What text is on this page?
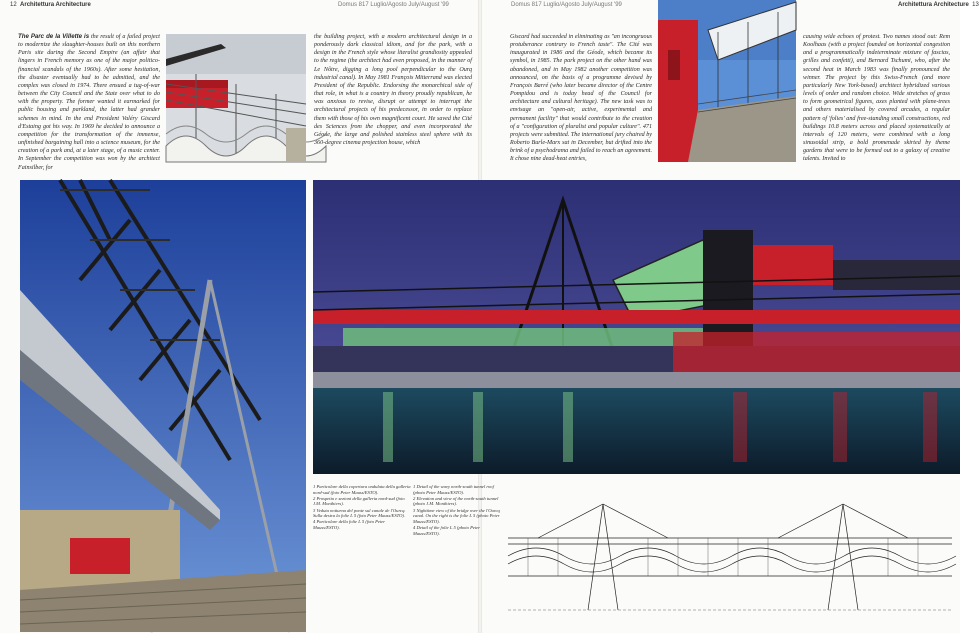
12 Architettura Architecture	Domus 817 Luglio/Agosto July/August '99	Domus 817 Luglio/Agosto July/August '99	Architettura Architecture 13
The Parc de la Villette is the result of a failed project to modernize the slaughter-houses built on this northern Paris site during the Second Empire (an affair that lingers in French memory as one of the major politico-financial scandals of the 1960s). After some hesitation, the disaster eventually had to be admitted, and the complex was closed in 1974. There ensued a tug-of-war between the City Council and the State over what to do with the property. The former wanted it earmarked for public housing and parkland, the latter had grander schemes in mind. In the end President Valéry Giscard d'Estaing got his way. In 1969 he decided to announce a competition for the transformation of the immense, unfinished bargaining hall into a science museum, for the creation of a park and, at a later stage, of a music center. In September the competition was won by the architect Fainsilber, for
the building project, with a modern architectural design in a ponderously dark classical idiom, and for the park, with a design in the French style whose literalist grandiosity appealed to the regime (the architect had even proposed, in the manner of Le Nôtre, digging a long pool perpendicular to the Ourq industrial canal). In May 1981 François Mitterrand was elected President of the Republic. Endorsing the monarchical side of that role, in what is a country in theory proudly republican, he was anxious to revise, disrupt or attempt to interrupt the architectural projects of his predecessor, in order to replace them with those of his own magnificent court. He saved the Cité des Sciences from the chopper, and even incorporated the Géode, the large and polished stainless steel sphere with its 360-degree cinema projection house, which
Giscard had succeeded in eliminating as "an incongruous protuberance contrary to French taste". The Cité was inaugurated in 1986 and the Géode, which became its symbol, in 1985. The park project on the other hand was abandoned, and in May 1982 another competition was announced, on the basis of a programme devised by François Barré (who later became director of the Centre Pompidou and is today head of the Council for architecture and cultural heritage). The new task was to envisage an "open-air, active, experimental and permanent facility" that would contribute to the creation of a "configuration of pluralist and popular culture". 471 projects were submitted. The international jury chaired by Roberto Burle-Marx sat in December, but drifted into the brink of a psychodrama and failed to reach an agreement. It chose nine dead-heat entries,
causing wide echoes of protest. Two names stood out: Rem Koolhaas (with a project founded on horizontal congestion and a programmatically indeterminate mixture of fascias, grilles and confetti), and Bernard Tschumi, who, after the second heat in March 1983 was finally pronounced the winner. The project by this Swiss-French (and more particularly New York-based) architect hybridized various levels of order and random choice. Wide stretches of grass to form geometrical figures, axes planted with plane-trees and others materialised by covered arcades, a regular pattern of 'folies' and free-standing small constructions, red buildings 10.8 meters across and placed systematically at intervals of 120 meters, were combined with a long sinusoidal strip, a bold promenade skirted by theme gardens that were to be formed out to a galaxy of creative talents. Invited to
1 Particolare della copertura ondulata della galleria nord-sud (foto Peter Mauss/ESTO).
2 Prospetto e sezioni della galleria nord-sud (foto J.M. Monthiers).
3 Veduta notturna del ponte sul canale de l'Ourcq. Sulla destra la folie L 5 (foto Peter Mauss/ESTO).
4 Particolare della folie L 5 (foto Peter Mauss/ESTO).
1 Detail of the wavy north-south tunnel roof (photo Peter Mauss/ESTO).
2 Elevation and view of the north-south tunnel (photo J.M. Monthiers).
3 Nighttime view of the bridge over the l'Ourcq canal. On the right is the folie L 5 (photo Peter Mauss/ESTO).
4 Detail of the folie L 5 (photo Peter Mauss/ESTO).
